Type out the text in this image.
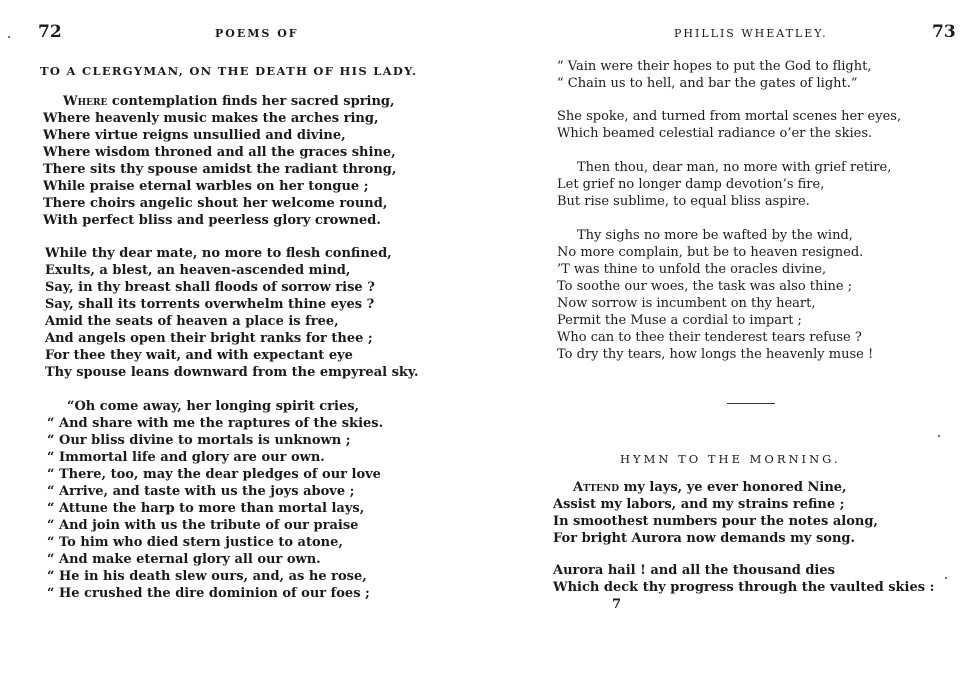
72	POEMS OF
TO A CLERGYMAN, ON THE DEATH OF HIS LADY.
Where contemplation finds her sacred spring,
Where heavenly music makes the arches ring,
Where virtue reigns unsullied and divine,
Where wisdom throned and all the graces shine,
There sits thy spouse amidst the radiant throng,
While praise eternal warbles on her tongue ;
There choirs angelic shout her welcome round,
With perfect bliss and peerless glory crowned.
While thy dear mate, no more to flesh confined,
Exults, a blest, an heaven-ascended mind,
Say, in thy breast shall floods of sorrow rise ?
Say, shall its torrents overwhelm thine eyes ?
Amid the seats of heaven a place is free,
And angels open their bright ranks for thee ;
For thee they wait, and with expectant eye
Thy spouse leans downward from the empyreal sky.
“Oh come away, her longing spirit cries,
“ And share with me the raptures of the skies.
“ Our bliss divine to mortals is unknown ;
“ Immortal life and glory are our own.
“ There, too, may the dear pledges of our love
“ Arrive, and taste with us the joys above ;
“ Attune the harp to more than mortal lays,
“ And join with us the tribute of our praise
“ To him who died stern justice to atone,
“ And make eternal glory all our own.
“ He in his death slew ours, and, as he rose,
“ He crushed the dire dominion of our foes ;
PHILLIS WHEATLEY.	73
“ Vain were their hopes to put the God to flight,
“ Chain us to hell, and bar the gates of light.”
She spoke, and turned from mortal scenes her eyes,
Which beamed celestial radiance o’er the skies.
Then thou, dear man, no more with grief retire,
Let grief no longer damp devotion’s fire,
But rise sublime, to equal bliss aspire.
Thy sighs no more be wafted by the wind,
No more complain, but be to heaven resigned.
’T was thine to unfold the oracles divine,
To soothe our woes, the task was also thine ;
Now sorrow is incumbent on thy heart,
Permit the Muse a cordial to impart ;
Who can to thee their tenderest tears refuse ?
To dry thy tears, how longs the heavenly muse !
HYMN TO THE MORNING.
Attend my lays, ye ever honored Nine,
Assist my labors, and my strains refine ;
In smoothest numbers pour the notes along,
For bright Aurora now demands my song.
Aurora hail ! and all the thousand dies
Which deck thy progress through the vaulted skies :
7
